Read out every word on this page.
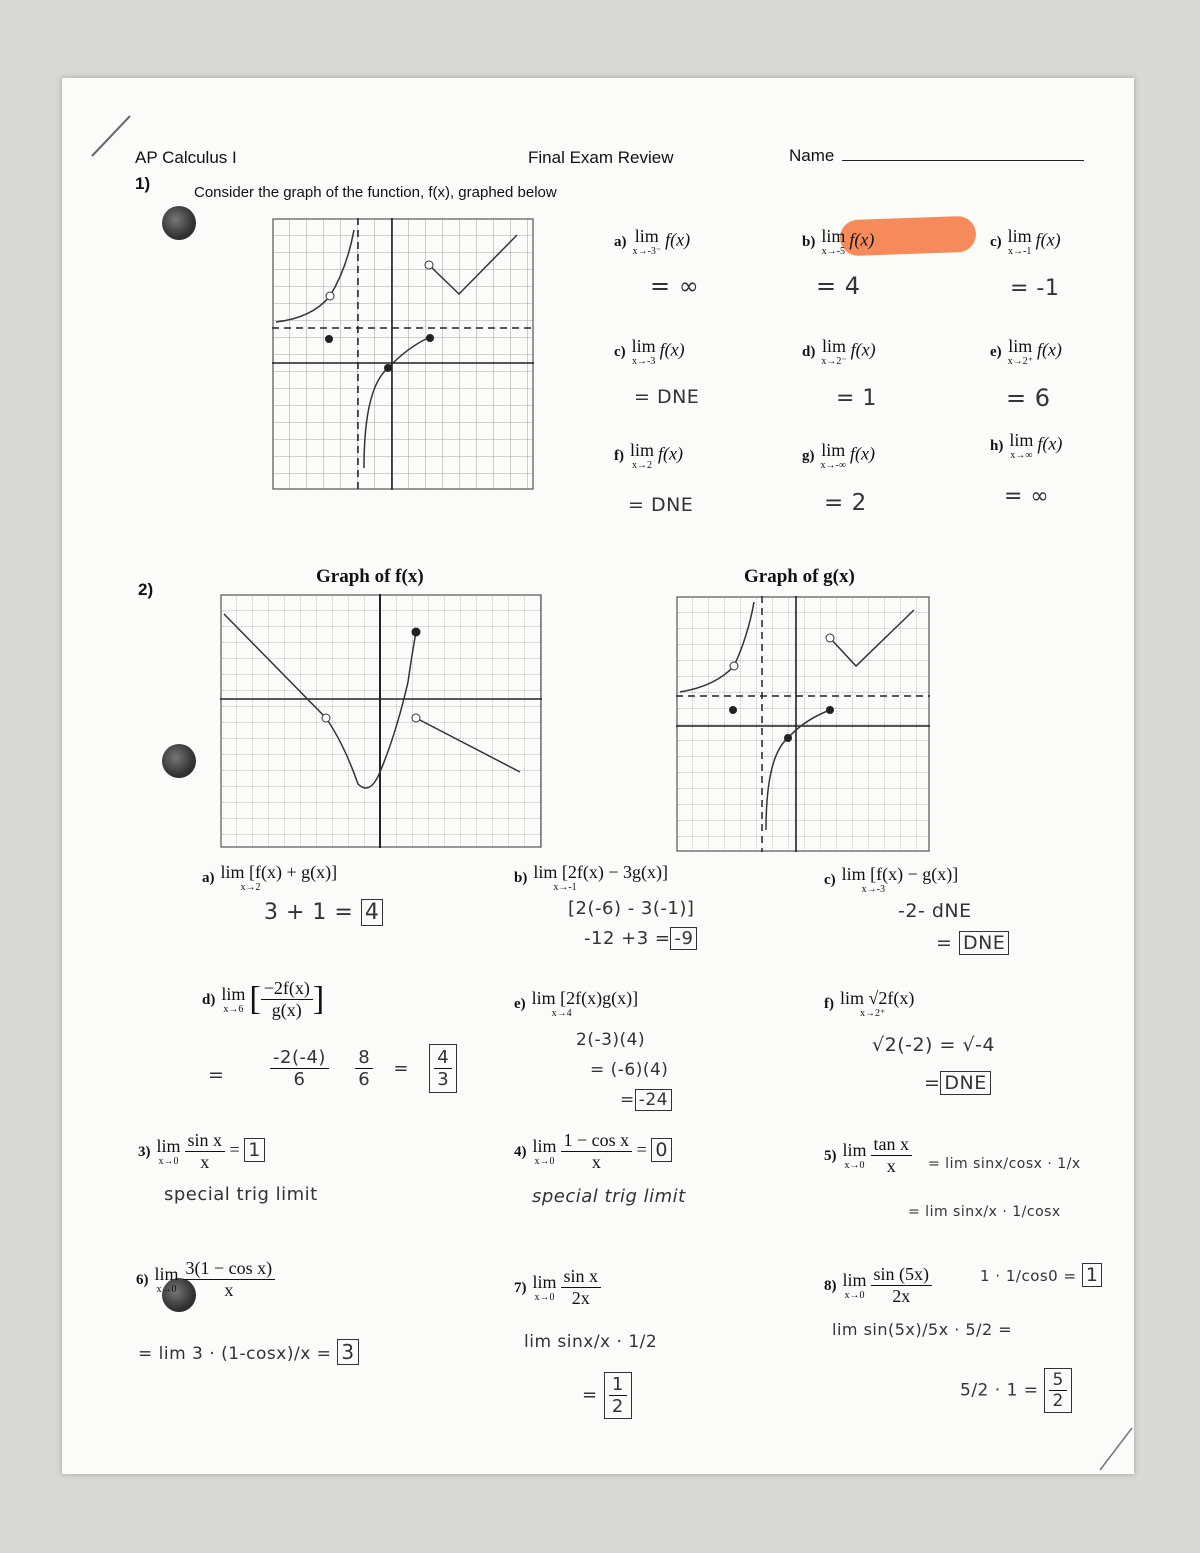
AP Calculus I	Final Exam Review	Name
1)	Consider the graph of the function, f(x), graphed below
a) lim
x→-3⁻
f(x)
= ∞
b) lim
x→-5
f(x)
= 4
c) lim
x→-1
f(x)
= -1
c) lim
x→-3
f(x)
= DNE
d) lim
x→2⁻
f(x)
= 1
e) lim
x→2⁺
f(x)
= 6
f) lim
x→2
f(x)
= DNE
g) lim
x→-∞
f(x)
= 2
h) lim
x→∞
f(x)
= ∞
2)
Graph of f(x)	Graph of g(x)
a) lim [f(x) + g(x)]
x→2
3 + 1 = 4
b) lim [2f(x) − 3g(x)]
x→-1
[2(-6) - 3(-1)]
-12 +3 = -9
c) lim [f(x) − g(x)]
x→-3
-2- dNE
= DNE
d) lim
x→6 [ $\frac{-2f(x)}{g(x)}$ ]
=	$\frac{-2(-4)}{6}$
$\frac{8}{6} = \frac{4}{3}$
e) lim [2f(x)g(x)]
x→4
2(-3)(4)
= (-6)(4)
= -24
f) lim √2f(x)
x→2⁺
√2(-2) = √-4
= DNE
3) lim
$x\to 0 \frac{\text{sin x}}{x} = 1$
special trig limit
4) lim
$x\to 0 \frac{\text{1 − cos x}}{x} = 0$
special trig limit
5) lim
$x\to 0 \frac{\text{tan x}}{x} = \lim \sin x/\cos x \cdot 1/x$
= lim sinx/x · 1/cosx
1 · 1/cos0 = 1
6) lim
$x\to 0 \frac{\text{3(1 − cos x)}}{x}$
= lim 3 · (1-cosx)/x = 3
7) lim
$x\to 0 \frac{\text{sin x}}{2x}$
lim sinx/x · 1/2
= $\frac{1}{2}$
8) lim
$x\to 0 \frac{\sin (5x)}{2x}$
lim sin(5x)/5x · 5/2 =
$5/2 \cdot 1 = \frac{5}{2}$
